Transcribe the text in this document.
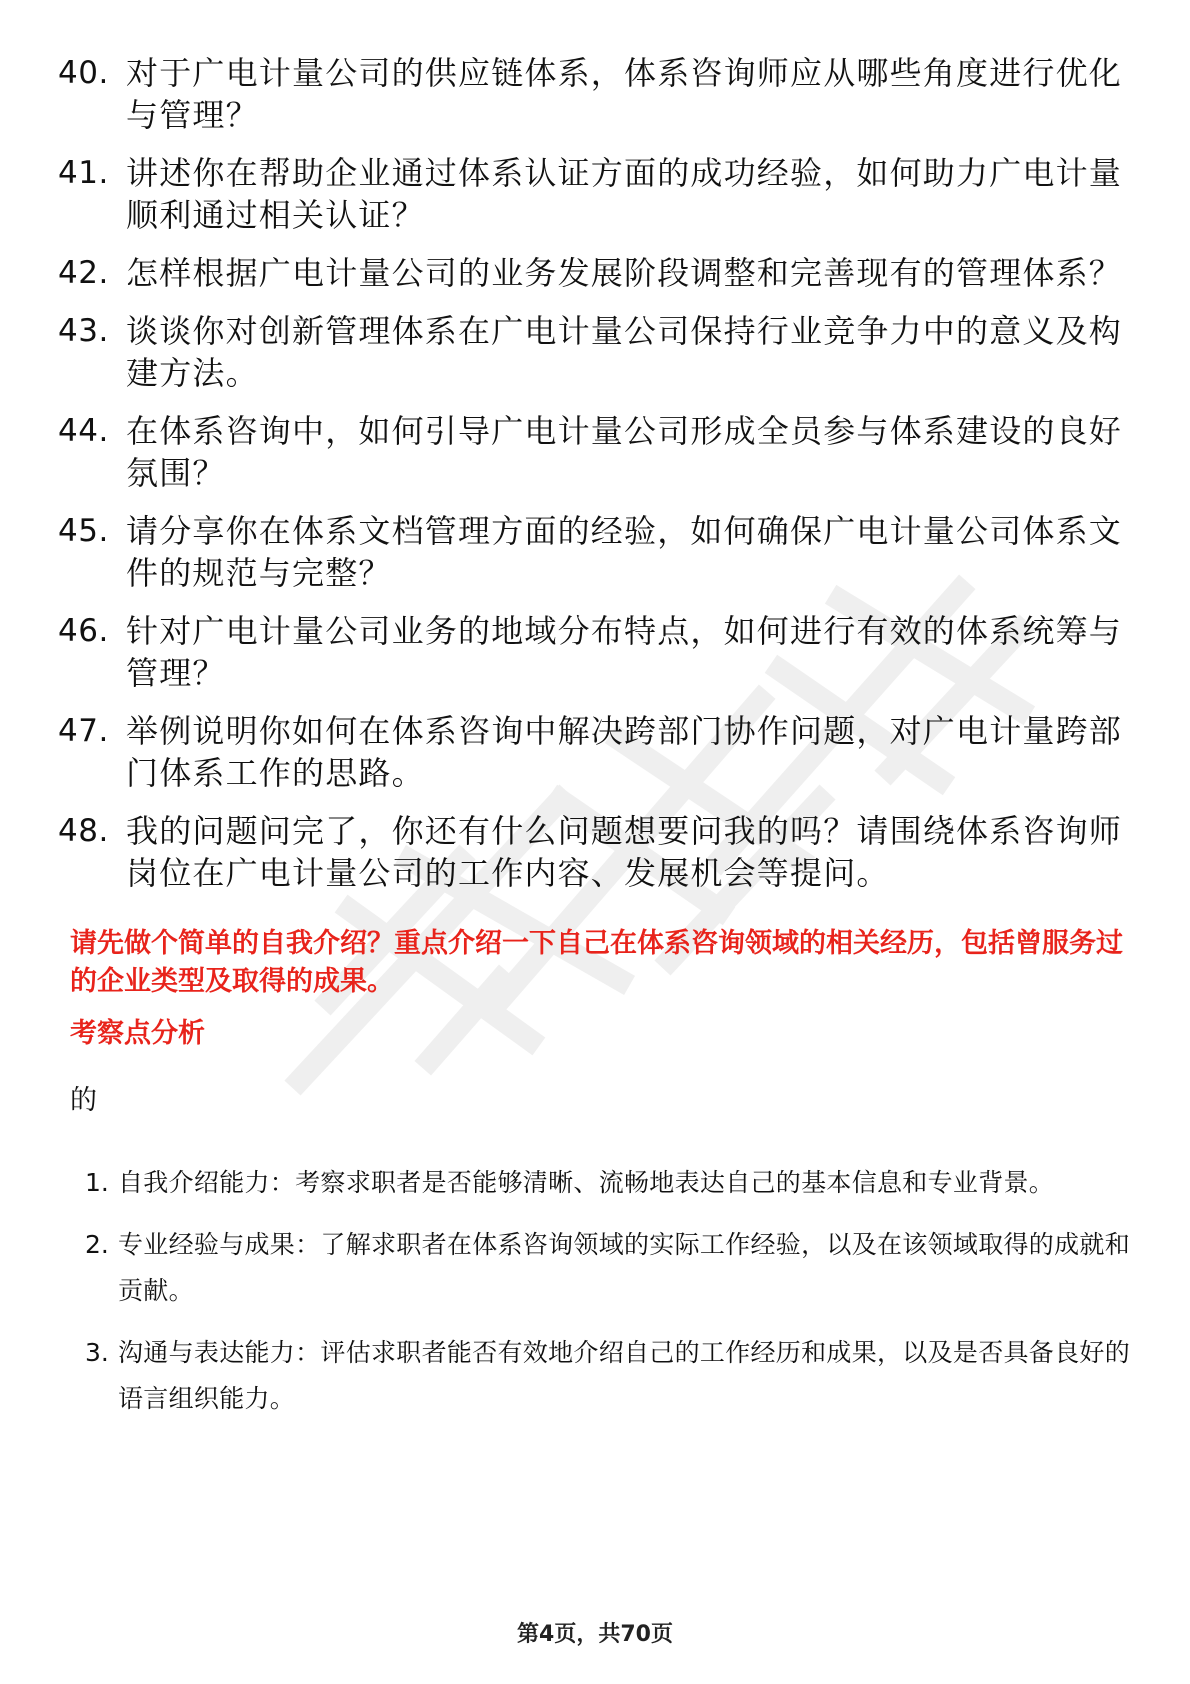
40. 对于广电计量公司的供应链体系，体系咨询师应从哪些角度进行优化与管理？
41. 讲述你在帮助企业通过体系认证方面的成功经验，如何助力广电计量顺利通过相关认证？
42. 怎样根据广电计量公司的业务发展阶段调整和完善现有的管理体系？
43. 谈谈你对创新管理体系在广电计量公司保持行业竞争力中的意义及构建方法。
44. 在体系咨询中，如何引导广电计量公司形成全员参与体系建设的良好氛围？
45. 请分享你在体系文档管理方面的经验，如何确保广电计量公司体系文件的规范与完整？
46. 针对广电计量公司业务的地域分布特点，如何进行有效的体系统筹与管理？
47. 举例说明你如何在体系咨询中解决跨部门协作问题，对广电计量跨部门体系工作的思路。
48. 我的问题问完了，你还有什么问题想要问我的吗？请围绕体系咨询师岗位在广电计量公司的工作内容、发展机会等提问。

请先做个简单的自我介绍？重点介绍一下自己在体系咨询领域的相关经历，包括曾服务过的企业类型及取得的成果。

考察点分析

的

1. 自我介绍能力：考察求职者是否能够清晰、流畅地表达自己的基本信息和专业背景。
2. 专业经验与成果：了解求职者在体系咨询领域的实际工作经验，以及在该领域取得的成就和贡献。
3. 沟通与表达能力：评估求职者能否有效地介绍自己的工作经历和成果，以及是否具备良好的语言组织能力。
第4页，共70页
